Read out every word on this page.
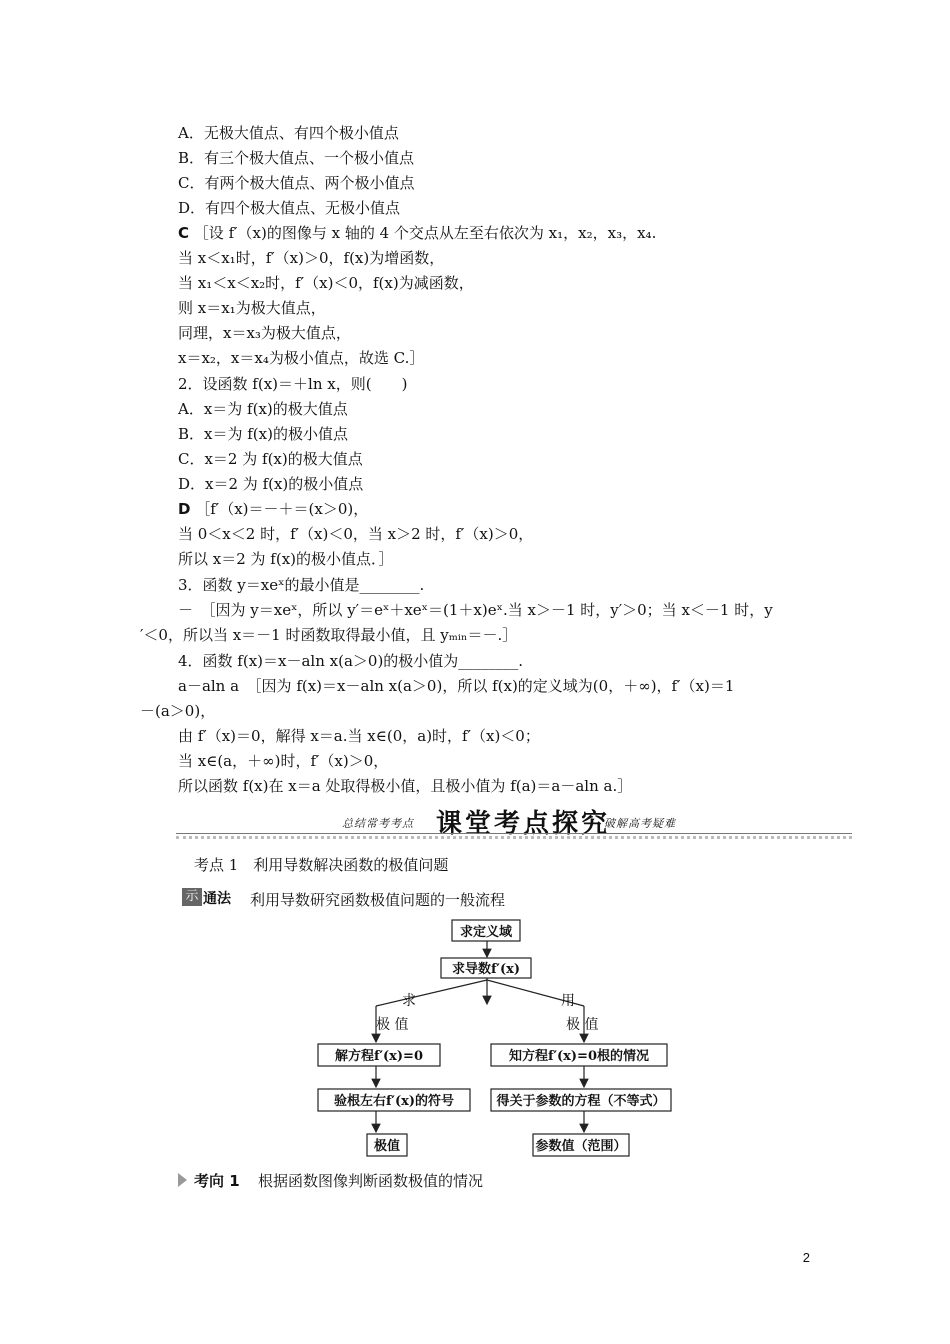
A．无极大值点、有四个极小值点
B．有三个极大值点、一个极小值点
C．有两个极大值点、两个极小值点
D．有四个极大值点、无极小值点
C ［设 f′（x)的图像与 x 轴的 4 个交点从左至右依次为 x₁，x₂，x₃，x₄.
当 x＜x₁时，f′（x)＞0，f(x)为增函数，
当 x₁＜x＜x₂时，f′（x)＜0，f(x)为减函数，
则 x＝x₁为极大值点，
同理，x＝x₃为极大值点，
x＝x₂，x＝x₄为极小值点，故选 C.］
2．设函数 f(x)＝＋ln x，则(　　)
A．x＝为 f(x)的极大值点
B．x＝为 f(x)的极小值点
C．x＝2 为 f(x)的极大值点
D．x＝2 为 f(x)的极小值点
D ［f′（x)＝－＋＝(x＞0)，
当 0＜x＜2 时，f′（x)＜0，当 x＞2 时，f′（x)＞0，
所以 x＝2 为 f(x)的极小值点．］
3．函数 y＝xeˣ的最小值是________.
－　［因为 y＝xeˣ，所以 y′＝eˣ＋xeˣ＝(1＋x)eˣ.当 x＞－1 时，y′＞0；当 x＜－1 时，y
′＜0，所以当 x＝－1 时函数取得最小值，且 yₘᵢₙ＝－.］
4．函数 f(x)＝x－aln x(a＞0)的极小值为________.
a－aln a　［因为 f(x)＝x－aln x(a＞0)，所以 f(x)的定义域为(0，＋∞)，f′（x)＝1
－(a＞0)，
由 f′（x)＝0，解得 x＝a.当 x∈(0，a)时，f′（x)＜0；
当 x∈(a，＋∞)时，f′（x)＞0，
所以函数 f(x)在 x＝a 处取得极小值，且极小值为 f(a)＝a－aln a.］
总结常考考点 课堂考点探究
破解高考疑难
考点 1　利用导数解决函数的极值问题
示 通法 利用导数研究函数极值问题的一般流程
求定义域
求导数f′(x)
解方程f′(x)=0
验根左右f′(x)的符号
极值
知方程f′(x)=0根的情况
得关于参数的方程（不等式）
参数值（范围）
求
极 值
用
极 值
考向 1 根据函数图像判断函数极值的情况
2
